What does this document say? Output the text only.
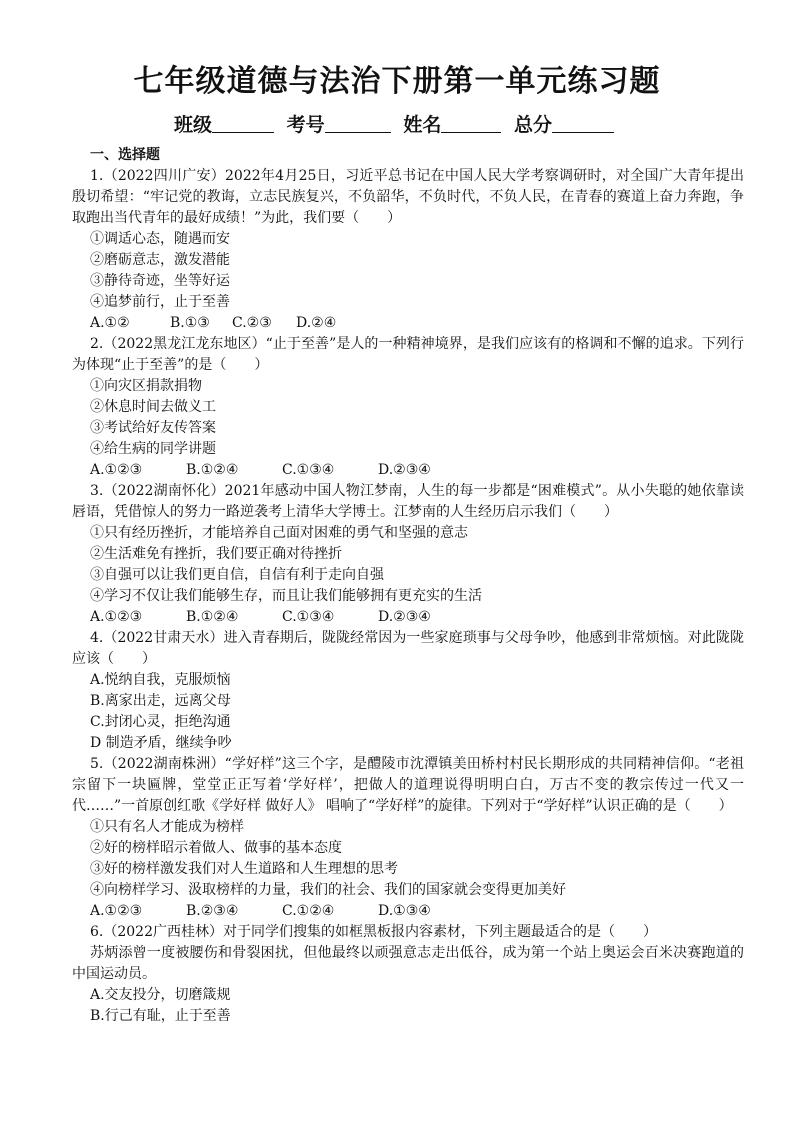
七年级道德与法治下册第一单元练习题
班级	考号	姓名	总分
一、选择题
1.（2022四川广安）2022年4月25日，习近平总书记在中国人民大学考察调研时，对全国广大青年提出殷切希望：“牢记党的教诲，立志民族复兴，不负韶华，不负时代，不负人民，在青春的赛道上奋力奔跑，争取跑出当代青年的最好成绩！”为此，我们要（　　）
①调适心态，随遇而安
②磨砺意志，激发潜能
③静待奇迹，坐等好运
④追梦前行，止于至善
A.①②	B.①③ C.②③ D.②④
2.（2022黑龙江龙东地区）“止于至善”是人的一种精神境界，是我们应该有的格调和不懈的追求。下列行为体现“止于至善”的是（　　）
①向灾区捐款捐物
②休息时间去做义工
③考试给好友传答案
④给生病的同学讲题
A.①②③	B.①②④	C.①③④	D.②③④
3.（2022湖南怀化）2021年感动中国人物江梦南，人生的每一步都是“困难模式”。从小失聪的她依靠读唇语，凭借惊人的努力一路逆袭考上清华大学博士。江梦南的人生经历启示我们（　　）
①只有经历挫折，才能培养自己面对困难的勇气和坚强的意志
②生活难免有挫折，我们要正确对待挫折
③自强可以让我们更自信，自信有利于走向自强
④学习不仅让我们能够生存，而且让我们能够拥有更充实的生活
A.①②③	B.①②④	C.①③④	D.②③④
4.（2022甘肃天水）进入青春期后，陇陇经常因为一些家庭琐事与父母争吵，他感到非常烦恼。对此陇陇应该（　　）
A.悦纳自我，克服烦恼
B.离家出走，远离父母
C.封闭心灵，拒绝沟通
D 制造矛盾，继续争吵
5.（2022湖南株洲）“学好样”这三个字，是醴陵市沈潭镇美田桥村村民长期形成的共同精神信仰。“老祖宗留下一块匾牌，堂堂正正写着‘学好样’，把做人的道理说得明明白白，万古不变的教宗传过一代又一代……”一首原创红歌《学好样 做好人》 唱响了“学好样”的旋律。下列对于“学好样”认识正确的是（　　）
①只有名人才能成为榜样
②好的榜样昭示着做人、做事的基本态度
③好的榜样激发我们对人生道路和人生理想的思考
④向榜样学习、汲取榜样的力量，我们的社会、我们的国家就会变得更加美好
A.①②③	B.②③④	C.①②④	D.①③④
6.（2022广西桂林）对于同学们搜集的如框黑板报内容素材，下列主题最适合的是（　　）
苏炳添曾一度被腰伤和骨裂困扰，但他最终以顽强意志走出低谷，成为第一个站上奥运会百米决赛跑道的中国运动员。
A.交友投分，切磨箴规
B.行己有耻，止于至善
